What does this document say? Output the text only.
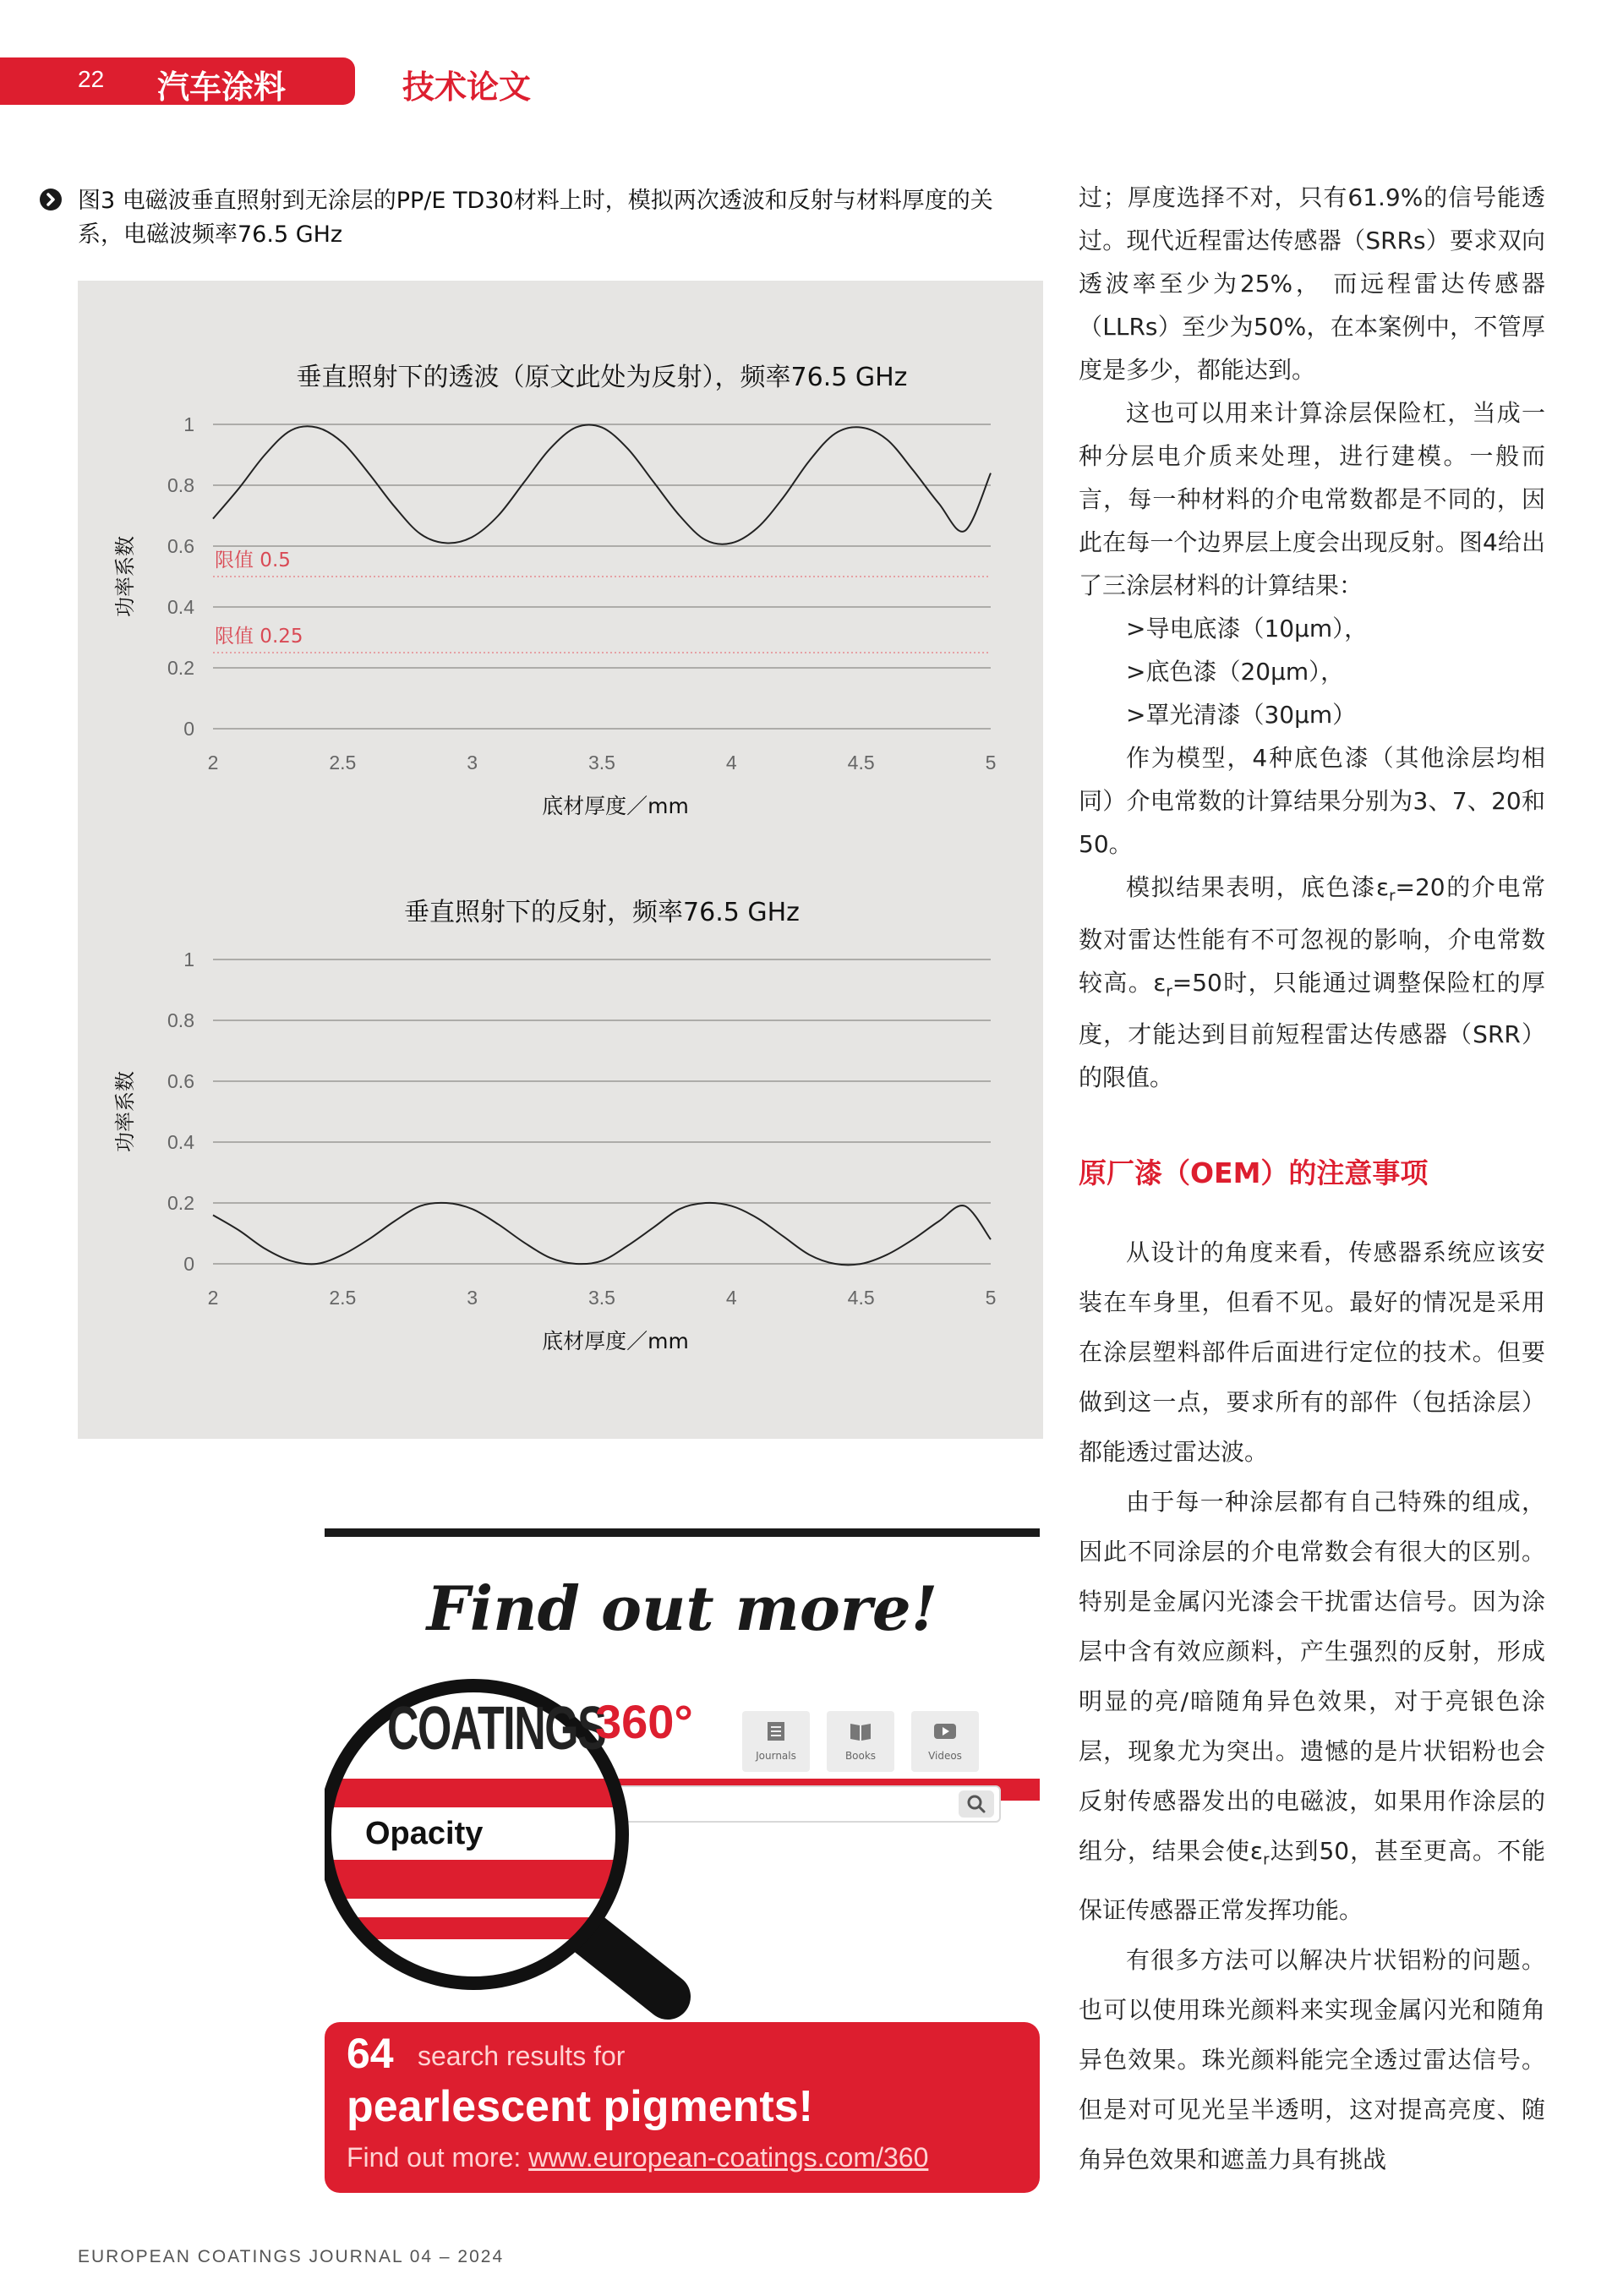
22 汽车涂料	技术论文
图3 电磁波垂直照射到无涂层的PP/E TD30材料上时，模拟两次透波和反射与材料厚度的关系，电磁波频率76.5 GHz
垂直照射下的透波（原文此处为反射），频率76.5 GHz
1
0.8
0.6
0.4
0.2
0
2	2.5	3	3.5	4	4.5	5
限值 0.5
限值 0.25
底材厚度／mm
功率系数
垂直照射下的反射，频率76.5 GHz
1
0.8
0.6
0.4
0.2
0
2	2.5	3	3.5	4	4.5	5
底材厚度／mm
功率系数

过；厚度选择不对，只有61.9%的信号能透过。现代近程雷达传感器（SRRs）要求双向透波率至少为25%， 而远程雷达传感器（LLRs）至少为50%，在本案例中，不管厚度是多少，都能达到。

这也可以用来计算涂层保险杠，当成一种分层电介质来处理，进行建模。一般而言，每一种材料的介电常数都是不同的，因此在每一个边界层上度会出现反射。图4给出了三涂层材料的计算结果：

>导电底漆（10μm），

>底色漆（20μm），

>罩光清漆（30μm）

作为模型，4种底色漆（其他涂层均相同）介电常数的计算结果分别为3、7、20和50。

模拟结果表明，底色漆$\varepsilon_r=20$的介电常数对雷达性能有不可忽视的影响，介电常数较高。$\varepsilon_r=50$时，只能通过调整保险杠的厚度，才能达到目前短程雷达传感器（SRR）的限值。

原厂漆（OEM）的注意事项

从设计的角度来看，传感器系统应该安装在车身里，但看不见。最好的情况是采用在涂层塑料部件后面进行定位的技术。但要做到这一点，要求所有的部件（包括涂层）都能透过雷达波。

由于每一种涂层都有自己特殊的组成，因此不同涂层的介电常数会有很大的区别。特别是金属闪光漆会干扰雷达信号。因为涂层中含有效应颜料，产生强烈的反射，形成明显的亮/暗随角异色效果，对于亮银色涂层，现象尤为突出。遗憾的是片状铝粉也会反射传感器发出的电磁波，如果用作涂层的组分，结果会使$\varepsilon_r$达到50，甚至更高。不能保证传感器正常发挥功能。

有很多方法可以解决片状铝粉的问题。也可以使用珠光颜料来实现金属闪光和随角异色效果。珠光颜料能完全透过雷达信号。但是对可见光呈半透明，这对提高亮度、随角异色效果和遮盖力具有挑战

Find out more!
Journals	Books	Videos
COATINGS
360°
Opacity
64 search results for
pearlescent pigments!
Find out more: www.european-coatings.com/360
EUROPEAN COATINGS JOURNAL 04 – 2024
